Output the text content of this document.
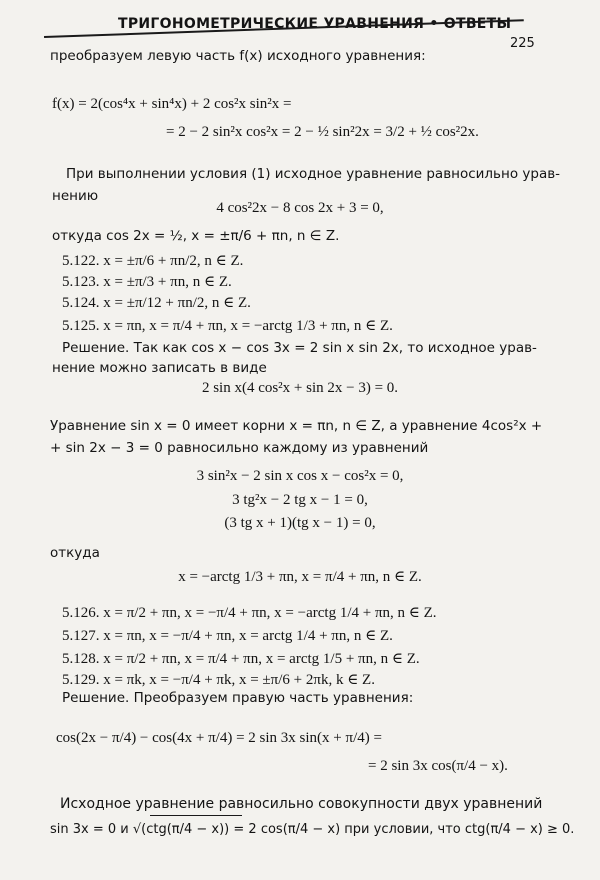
ТРИГОНОМЕТРИЧЕСКИЕ УРАВНЕНИЯ • ОТВЕТЫ
225
преобразуем левую часть f(x) исходного уравнения:
f(x) = 2(cos⁴x + sin⁴x) + 2 cos²x sin²x =
= 2 − 2 sin²x cos²x = 2 − ½ sin²2x = 3/2 + ½ cos²2x.
При выполнении условия (1) исходное уравнение равносильно урав-
нению
4 cos²2x − 8 cos 2x + 3 = 0,
откуда cos 2x = ½, x = ±π/6 + πn, n ∈ Z.
5.122. x = ±π/6 + πn/2, n ∈ Z.
5.123. x = ±π/3 + πn, n ∈ Z.
5.124. x = ±π/12 + πn/2, n ∈ Z.
5.125. x = πn, x = π/4 + πn, x = −arctg 1/3 + πn, n ∈ Z.
Решение. Так как cos x − cos 3x = 2 sin x sin 2x, то исходное урав-
нение можно записать в виде
2 sin x(4 cos²x + sin 2x − 3) = 0.
Уравнение sin x = 0 имеет корни x = πn, n ∈ Z, а уравнение 4cos²x +
+ sin 2x − 3 = 0 равносильно каждому из уравнений
3 sin²x − 2 sin x cos x − cos²x = 0,
3 tg²x − 2 tg x − 1 = 0,
(3 tg x + 1)(tg x − 1) = 0,
откуда
x = −arctg 1/3 + πn, x = π/4 + πn, n ∈ Z.
5.126. x = π/2 + πn, x = −π/4 + πn, x = −arctg 1/4 + πn, n ∈ Z.
5.127. x = πn, x = −π/4 + πn, x = arctg 1/4 + πn, n ∈ Z.
5.128. x = π/2 + πn, x = π/4 + πn, x = arctg 1/5 + πn, n ∈ Z.
5.129. x = πk, x = −π/4 + πk, x = ±π/6 + 2πk, k ∈ Z.
Решение. Преобразуем правую часть уравнения:
cos(2x − π/4) − cos(4x + π/4) = 2 sin 3x sin(x + π/4) =
= 2 sin 3x cos(π/4 − x).
Исходное уравнение равносильно совокупности двух уравнений
sin 3x = 0 и √(ctg(π/4 − x)) = 2 cos(π/4 − x) при условии, что ctg(π/4 − x) ≥ 0.
